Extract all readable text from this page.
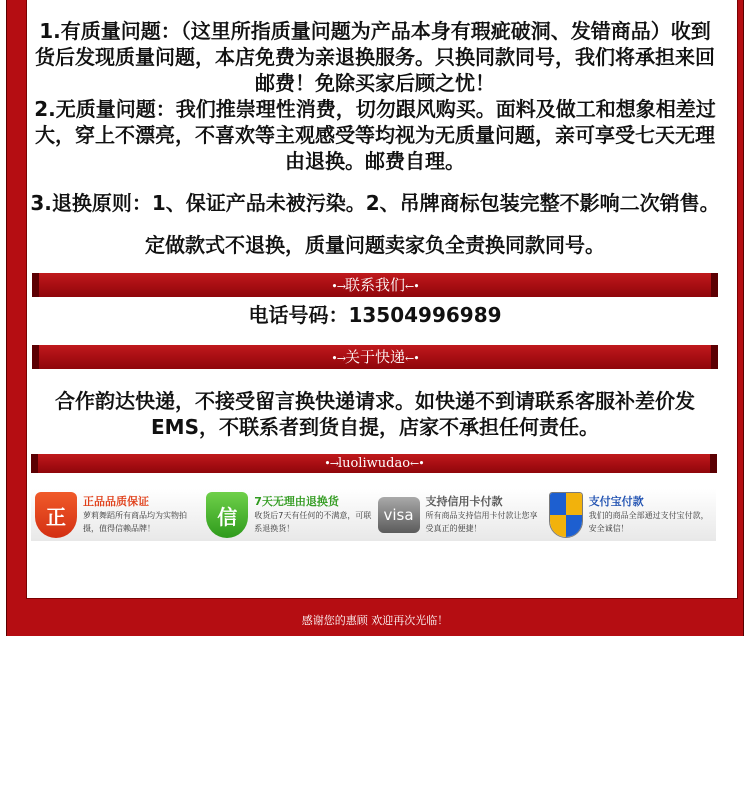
1.有质量问题：（这里所指质量问题为产品本身有瑕疵破洞、发错商品）收到货后发现质量问题，本店免费为亲退换服务。只换同款同号，我们将承担来回邮费！免除买家后顾之忧！

2.无质量问题：我们推崇理性消费，切勿跟风购买。面料及做工和想象相差过大，穿上不漂亮，不喜欢等主观感受等均视为无质量问题，亲可享受七天无理由退换。邮费自理。

3.退换原则：1、保证产品未被污染。2、吊牌商标包装完整不影响二次销售。

定做款式不退换，质量问题卖家负全责换同款同号。

•→联系我们←•

电话号码：13504996989

•→关于快递←•

合作韵达快递，不接受留言换快递请求。如快递不到请联系客服补差价发EMS，不联系者到货自提，店家不承担任何责任。

•→luoliwudao←•
正
正品品质保证
萝莉舞蹈所有商品均为实物拍摄，值得信赖品牌！	信
7天无理由退换货
收货后7天有任何的不满意，可联系退换货！
visa
支持信用卡付款
所有商品支持信用卡付款让您享受真正的便捷！
支付宝付款
我们的商品全部通过支付宝付款，安全诚信！
感谢您的惠顾 欢迎再次光临！
